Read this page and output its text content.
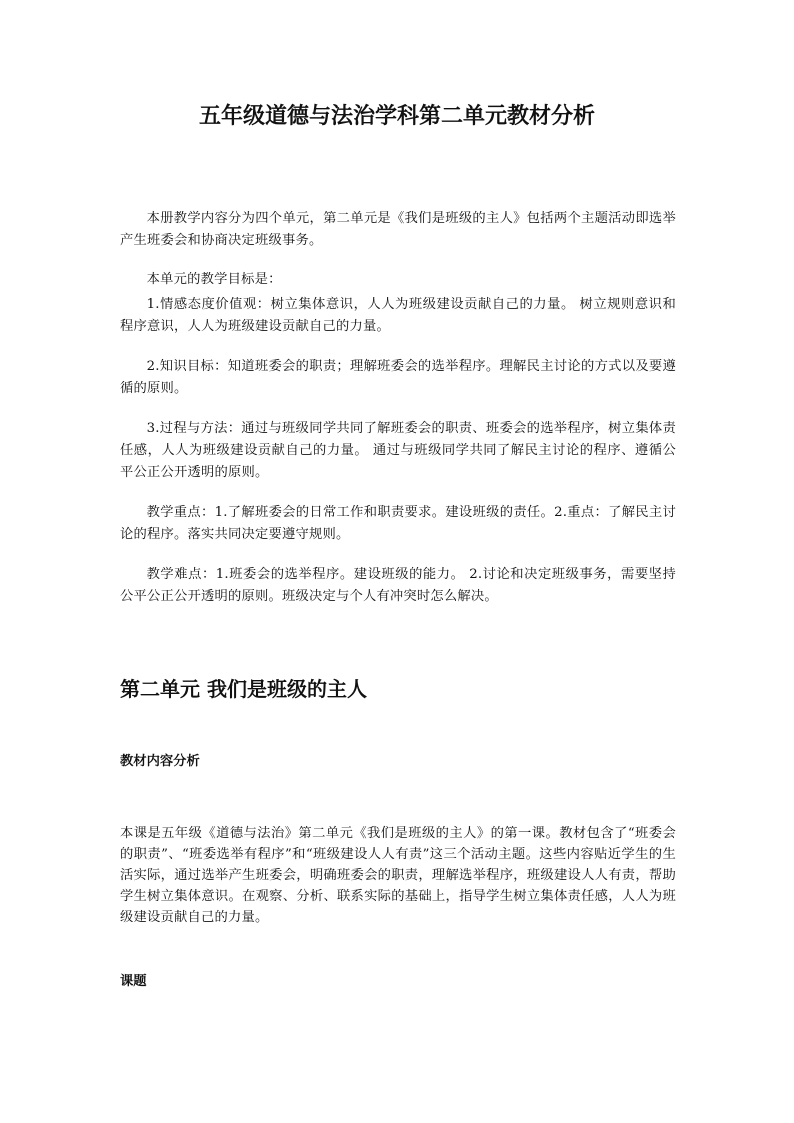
五年级道德与法治学科第二单元教材分析

本册教学内容分为四个单元，第二单元是《我们是班级的主人》包括两个主题活动即选举产生班委会和协商决定班级事务。

本单元的教学目标是：

1.情感态度价值观：树立集体意识，人人为班级建设贡献自己的力量。 树立规则意识和程序意识，人人为班级建设贡献自己的力量。

2.知识目标：知道班委会的职责；理解班委会的选举程序。理解民主讨论的方式以及要遵循的原则。

3.过程与方法：通过与班级同学共同了解班委会的职责、班委会的选举程序，树立集体责任感，人人为班级建设贡献自己的力量。 通过与班级同学共同了解民主讨论的程序、遵循公平公正公开透明的原则。

教学重点：1.了解班委会的日常工作和职责要求。建设班级的责任。2.重点：了解民主讨论的程序。落实共同决定要遵守规则。

教学难点：1.班委会的选举程序。建设班级的能力。 2.讨论和决定班级事务，需要坚持公平公正公开透明的原则。班级决定与个人有冲突时怎么解决。

第二单元 我们是班级的主人
教材内容分析

本课是五年级《道德与法治》第二单元《我们是班级的主人》的第一课。教材包含了“班委会的职责”、“班委选举有程序”和“班级建设人人有责”这三个活动主题。这些内容贴近学生的生活实际，通过选举产生班委会，明确班委会的职责，理解选举程序，班级建设人人有责，帮助学生树立集体意识。在观察、分析、联系实际的基础上，指导学生树立集体责任感，人人为班级建设贡献自己的力量。

课题
